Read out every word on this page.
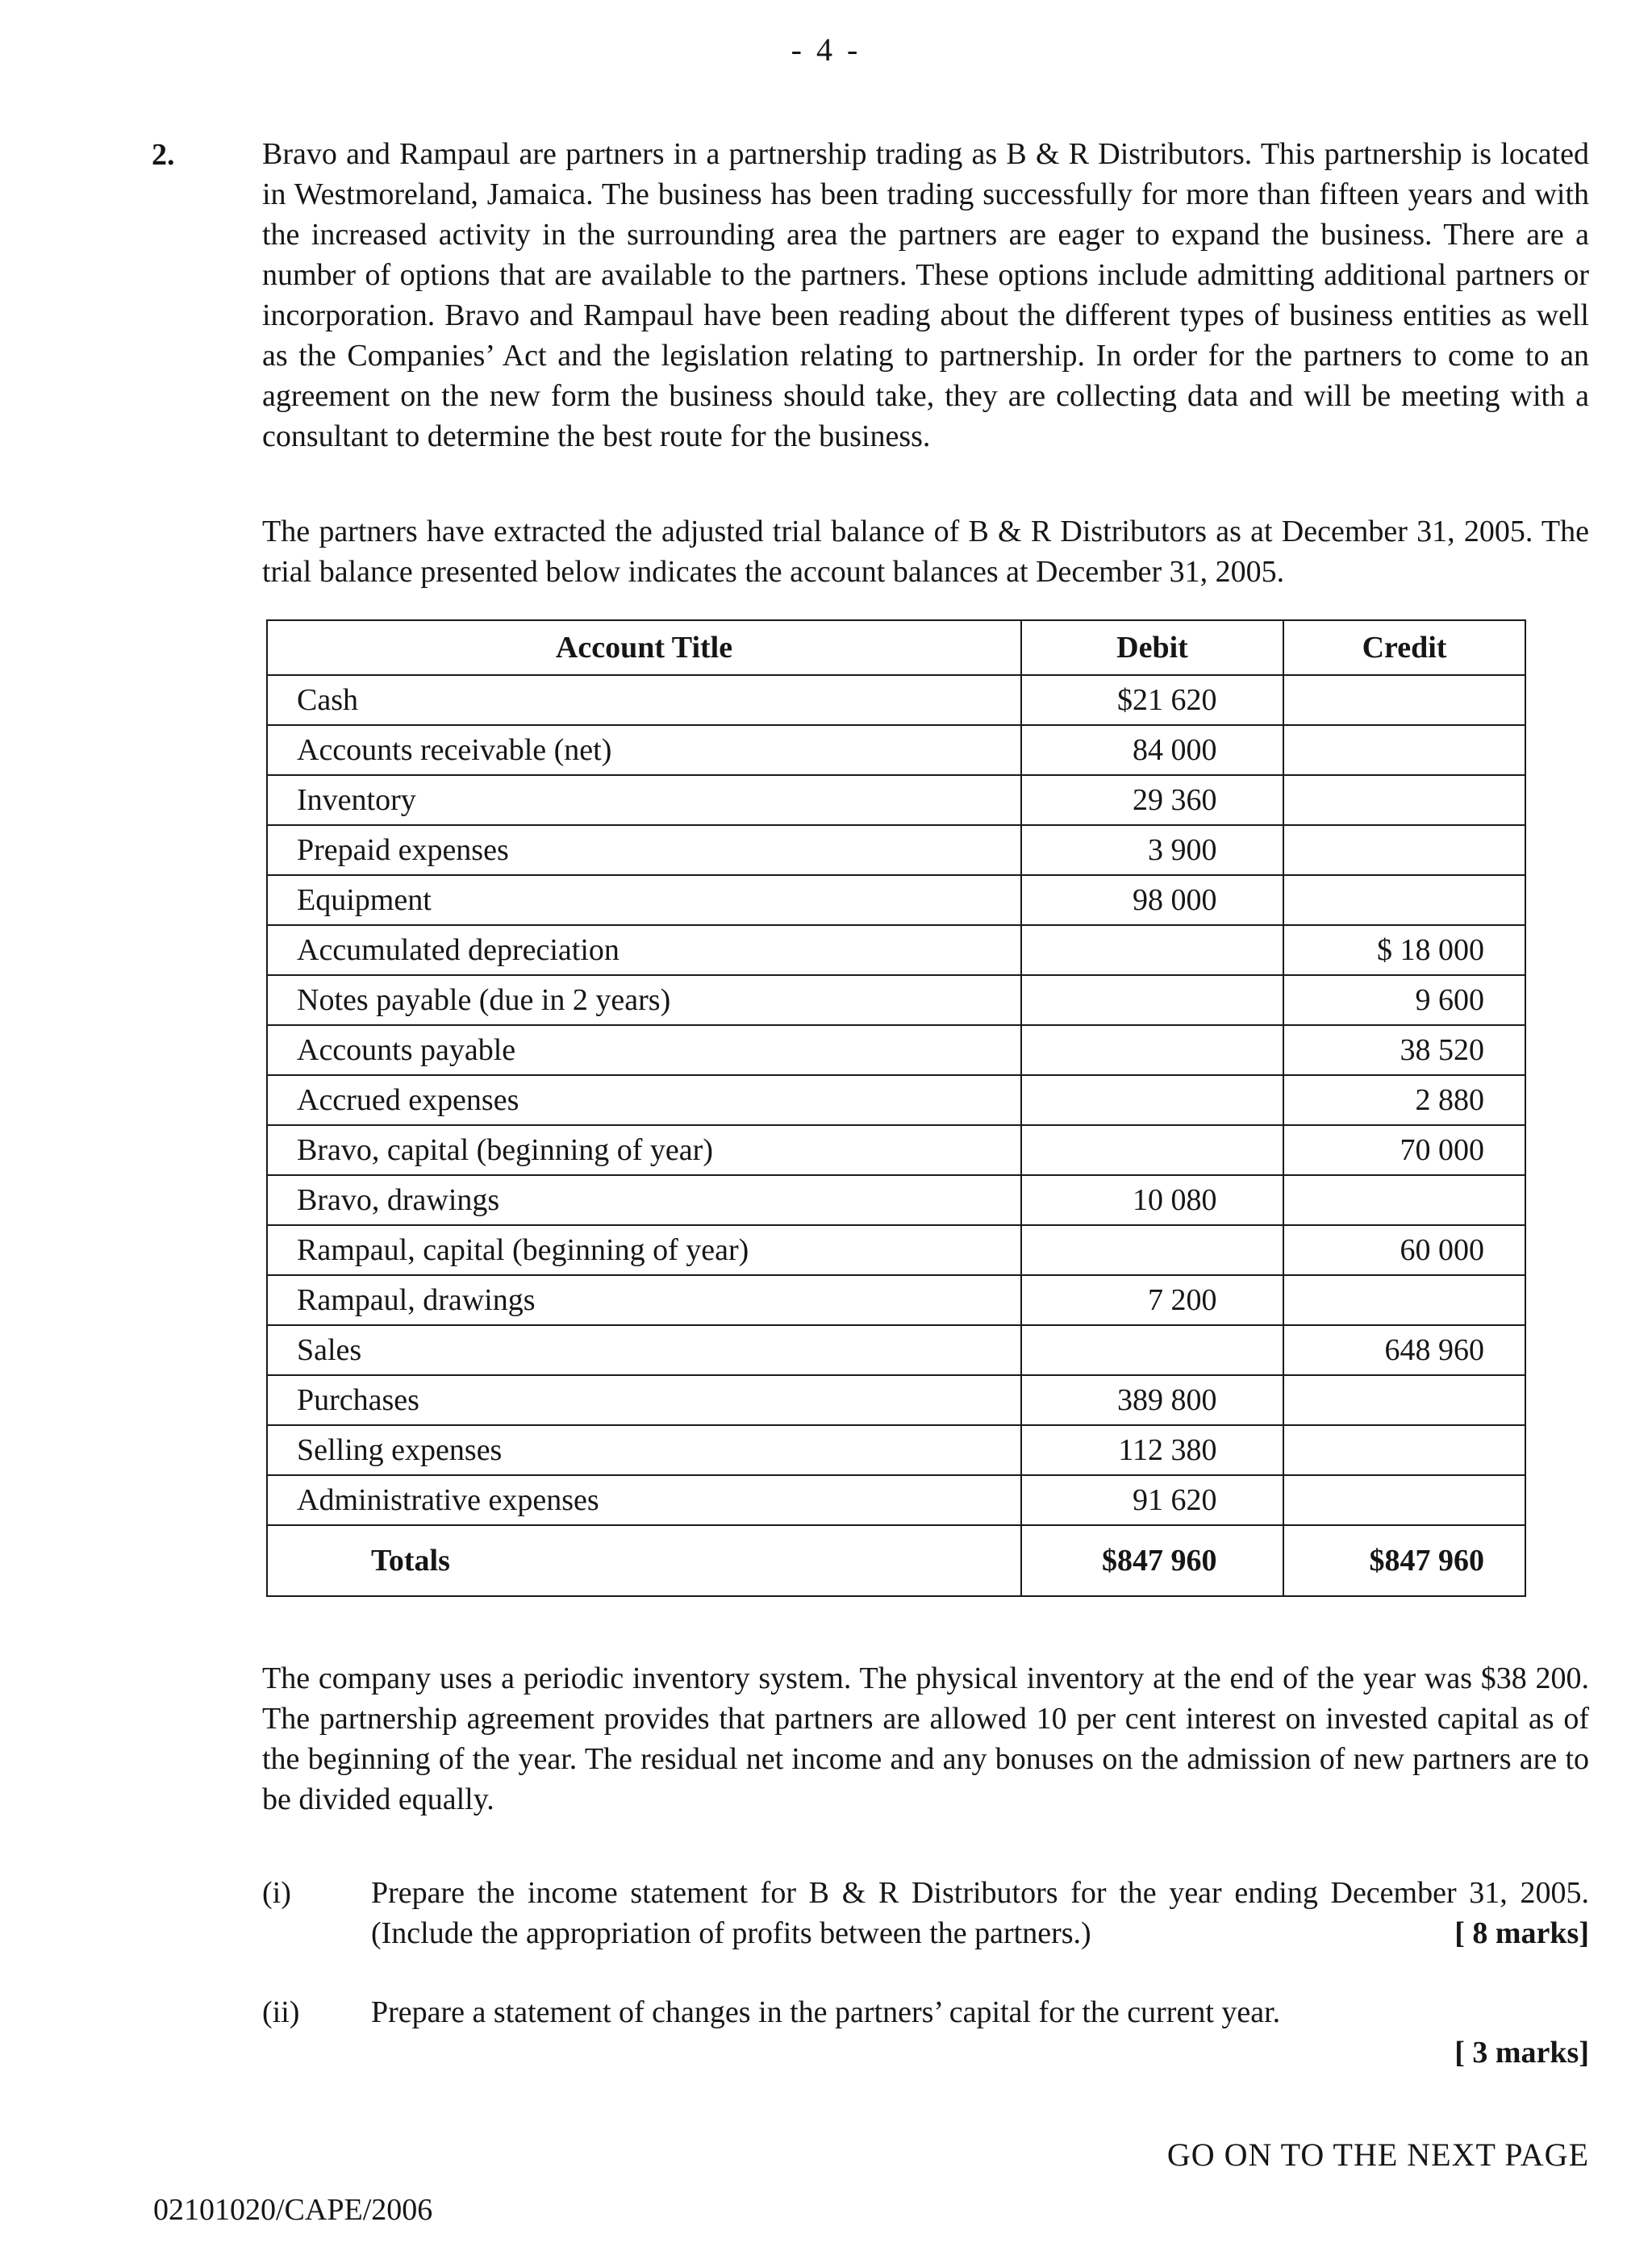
- 4 -
2.	Bravo and Rampaul are partners in a partnership trading as B & R Distributors. This partnership is located in Westmoreland, Jamaica. The business has been trading successfully for more than fifteen years and with the increased activity in the surrounding area the partners are eager to expand the business. There are a number of options that are available to the partners. These options include admitting additional partners or incorporation. Bravo and Rampaul have been reading about the different types of business entities as well as the Companies’ Act and the legislation relating to partnership. In order for the partners to come to an agreement on the new form the business should take, they are collecting data and will be meeting with a consultant to determine the best route for the business.

The partners have extracted the adjusted trial balance of B & R Distributors as at December 31, 2005. The trial balance presented below indicates the account balances at December 31, 2005.

Account Title	Debit	Credit
Cash	$21 620	
Accounts receivable (net)	84 000	
Inventory	29 360	
Prepaid expenses	3 900	
Equipment	98 000	
Accumulated depreciation		$ 18 000
Notes payable (due in 2 years)		9 600
Accounts payable		38 520
Accrued expenses		2 880
Bravo, capital (beginning of year)		70 000
Bravo, drawings	10 080	
Rampaul, capital (beginning of year)		60 000
Rampaul, drawings	7 200	
Sales		648 960
Purchases	389 800	
Selling expenses	112 380	
Administrative expenses	91 620	
Totals	$847 960	$847 960

The company uses a periodic inventory system. The physical inventory at the end of the year was $38 200. The partnership agreement provides that partners are allowed 10 per cent interest on invested capital as of the beginning of the year. The residual net income and any bonuses on the admission of new partners are to be divided equally.

(i)	Prepare the income statement for B & R Distributors for the year ending December 31, 2005. (Include the appropriation of profits between the partners.)	[ 8 marks]
(ii)	Prepare a statement of changes in the partners’ capital for the current year.
[ 3 marks]
GO ON TO THE NEXT PAGE
02101020/CAPE/2006
